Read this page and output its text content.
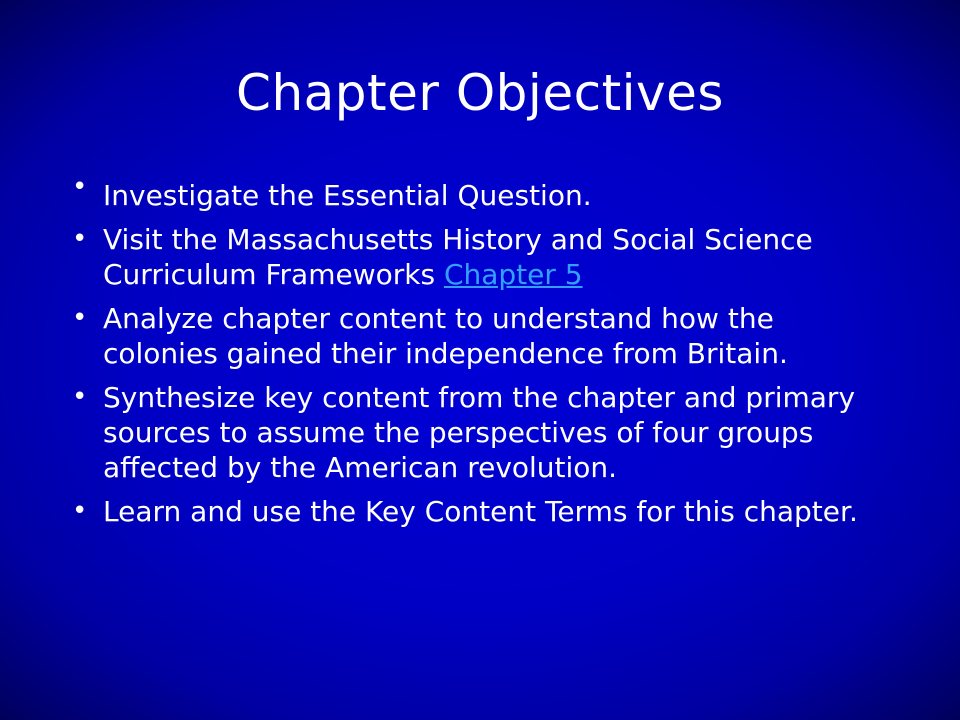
Chapter Objectives
• Investigate the Essential Question.
• Visit the Massachusetts History and Social Science Curriculum Frameworks Chapter 5
• Analyze chapter content to understand how the colonies gained their independence from Britain.
• Synthesize key content from the chapter and primary sources to assume the perspectives of four groups affected by the American revolution.
• Learn and use the Key Content Terms for this chapter.
